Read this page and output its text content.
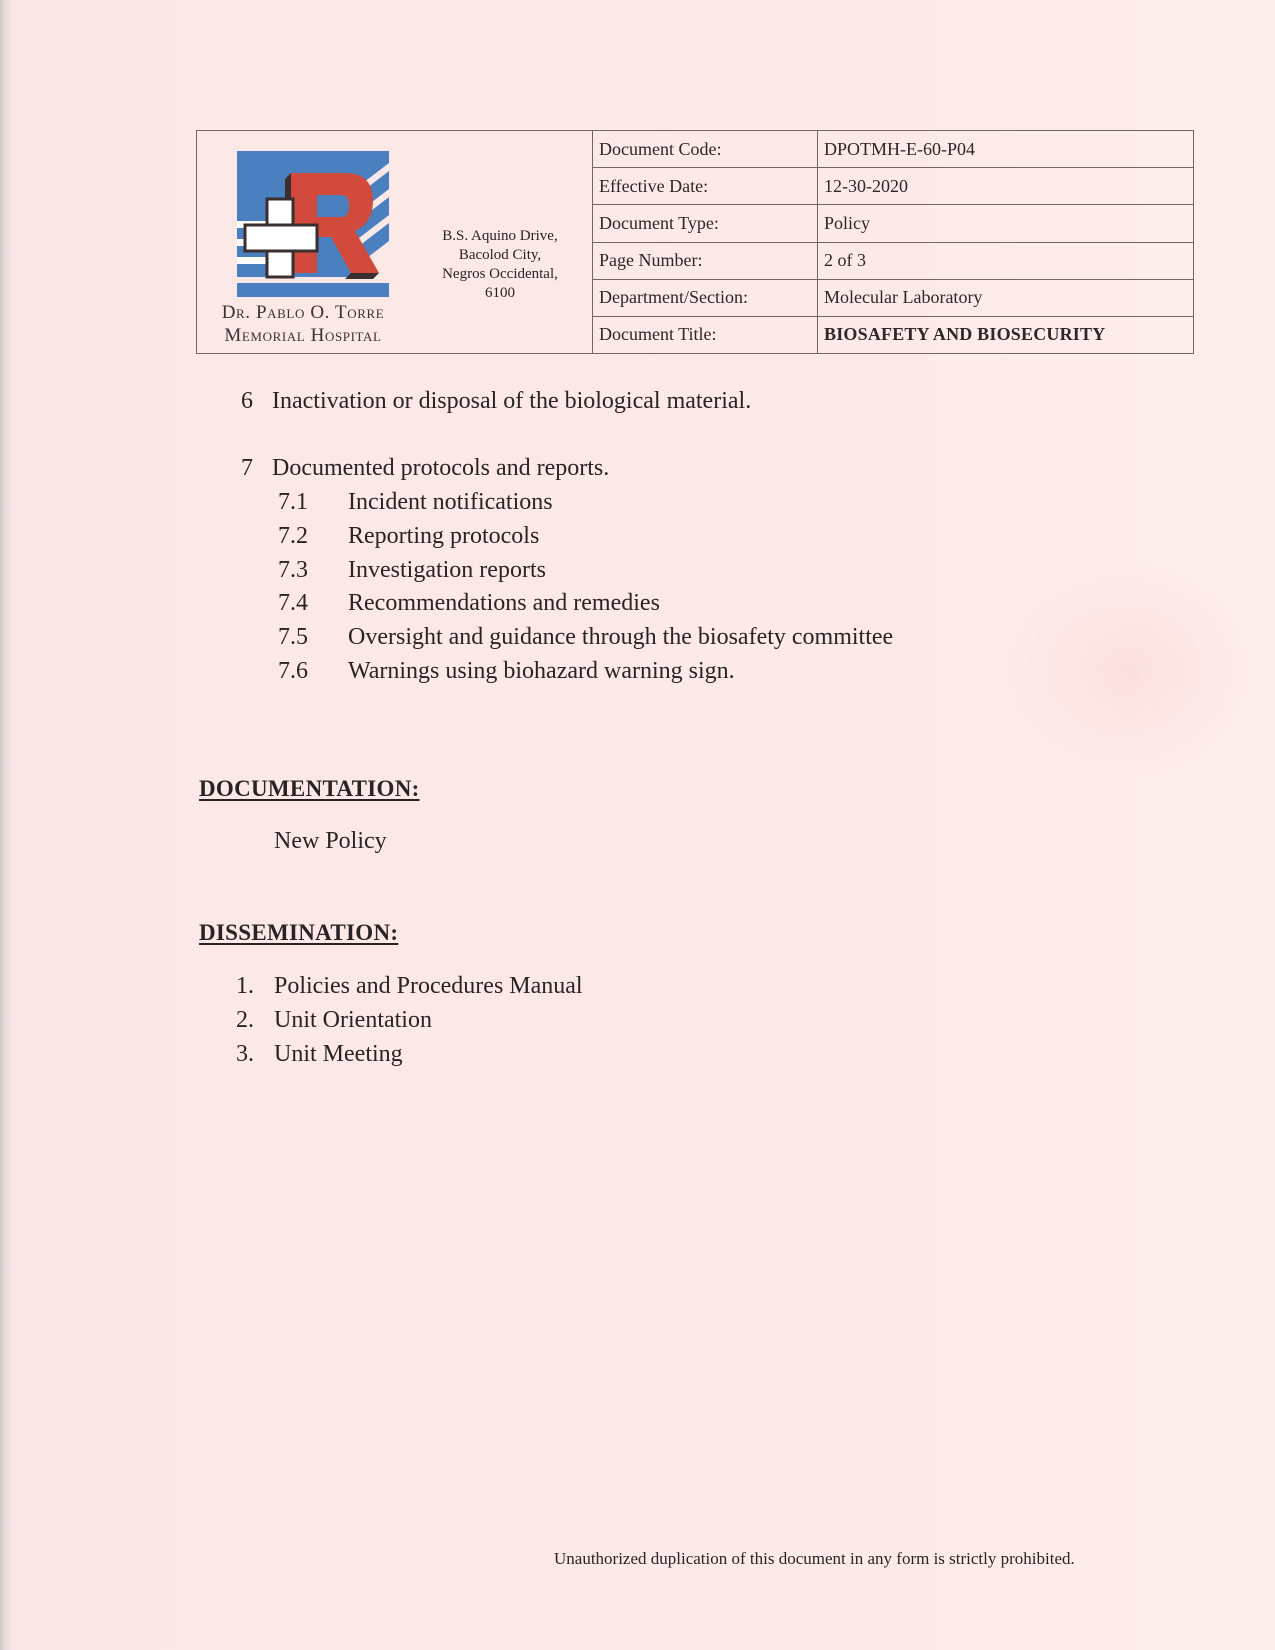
Dr. Pablo O. Torre
Memorial Hospital
B.S. Aquino Drive,
Bacolod City,
Negros Occidental,
6100
Document Code:	DPOTMH-E-60-P04
Effective Date:	12-30-2020
Document Type:	Policy
Page Number:	2 of 3
Department/Section:	Molecular Laboratory
Document Title:	BIOSAFETY AND BIOSECURITY
6 Inactivation or disposal of the biological material.
7 Documented protocols and reports.
7.1 Incident notifications
7.2 Reporting protocols
7.3 Investigation reports
7.4 Recommendations and remedies
7.5 Oversight and guidance through the biosafety committee
7.6 Warnings using biohazard warning sign.
DOCUMENTATION:
New Policy
DISSEMINATION:
1. Policies and Procedures Manual
2. Unit Orientation
3. Unit Meeting
Unauthorized duplication of this document in any form is strictly prohibited.
